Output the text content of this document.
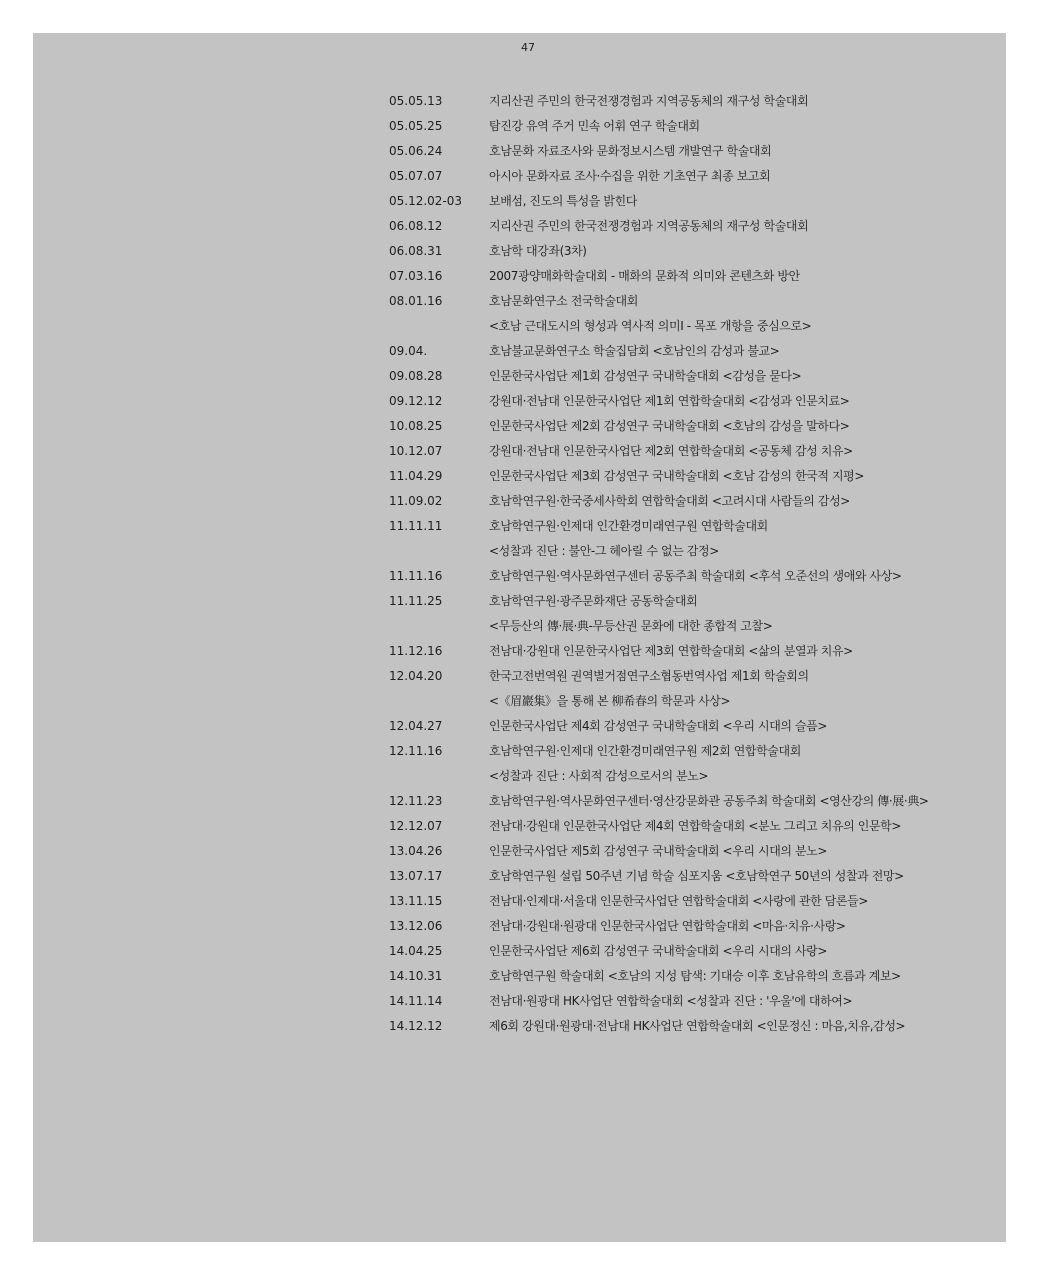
47
05.05.13	지리산권 주민의 한국전쟁경험과 지역공동체의 재구성 학술대회
05.05.25	탐진강 유역 주거 민속 어휘 연구 학술대회
05.06.24	호남문화 자료조사와 문화정보시스템 개발연구 학술대회
05.07.07	아시아 문화자료 조사·수집을 위한 기초연구 최종 보고회
05.12.02-03	보배섬, 진도의 특성을 밝힌다
06.08.12	지리산권 주민의 한국전쟁경험과 지역공동체의 재구성 학술대회
06.08.31	호남학 대강좌(3차)
07.03.16	2007광양매화학술대회 - 매화의 문화적 의미와 콘텐츠화 방안
08.01.16	호남문화연구소 전국학술대회
<호남 근대도시의 형성과 역사적 의미Ⅰ - 목포 개항을 중심으로>
09.04.	호남불교문화연구소 학술집담회 <호남인의 감성과 불교>
09.08.28	인문한국사업단 제1회 감성연구 국내학술대회 <감성을 묻다>
09.12.12	강원대·전남대 인문한국사업단 제1회 연합학술대회 <감성과 인문치료>
10.08.25	인문한국사업단 제2회 감성연구 국내학술대회 <호남의 감성을 말하다>
10.12.07	강원대·전남대 인문한국사업단 제2회 연합학술대회 <공동체 감성 치유>
11.04.29	인문한국사업단 제3회 감성연구 국내학술대회 <호남 감성의 한국적 지평>
11.09.02	호남학연구원·한국중세사학회 연합학술대회 <고려시대 사람들의 감성>
11.11.11	호남학연구원·인제대 인간환경미래연구원 연합학술대회
<성찰과 진단 : 불안-그 헤아릴 수 없는 감정>
11.11.16	호남학연구원·역사문화연구센터 공동주최 학술대회 <후석 오준선의 생애와 사상>
11.11.25	호남학연구원·광주문화재단 공동학술대회
<무등산의 傳·展·典-무등산권 문화에 대한 종합적 고찰>
11.12.16	전남대·강원대 인문한국사업단 제3회 연합학술대회 <삶의 분열과 치유>
12.04.20	한국고전번역원 권역별거점연구소협동번역사업 제1회 학술회의
<《眉巖集》을 통해 본 柳希春의 학문과 사상>
12.04.27	인문한국사업단 제4회 감성연구 국내학술대회 <우리 시대의 슬픔>
12.11.16	호남학연구원·인제대 인간환경미래연구원 제2회 연합학술대회
<성찰과 진단 : 사회적 감성으로서의 분노>
12.11.23	호남학연구원·역사문화연구센터·영산강문화관 공동주최 학술대회 <영산강의 傳·展·典>
12.12.07	전남대·강원대 인문한국사업단 제4회 연합학술대회 <분노 그리고 치유의 인문학>
13.04.26	인문한국사업단 제5회 감성연구 국내학술대회 <우리 시대의 분노>
13.07.17	호남학연구원 설립 50주년 기념 학술 심포지움 <호남학연구 50년의 성찰과 전망>
13.11.15	전남대·인제대·서울대 인문한국사업단 연합학술대회 <사랑에 관한 담론들>
13.12.06	전남대·강원대·원광대 인문한국사업단 연합학술대회 <마음·치유·사랑>
14.04.25	인문한국사업단 제6회 감성연구 국내학술대회 <우리 시대의 사랑>
14.10.31	호남학연구원 학술대회 <호남의 지성 탐색: 기대승 이후 호남유학의 흐름과 계보>
14.11.14	전남대·원광대 HK사업단 연합학술대회 <성찰과 진단 : '우울'에 대하여>
14.12.12	제6회 강원대·원광대·전남대 HK사업단 연합학술대회 <인문정신 : 마음,치유,감성>
